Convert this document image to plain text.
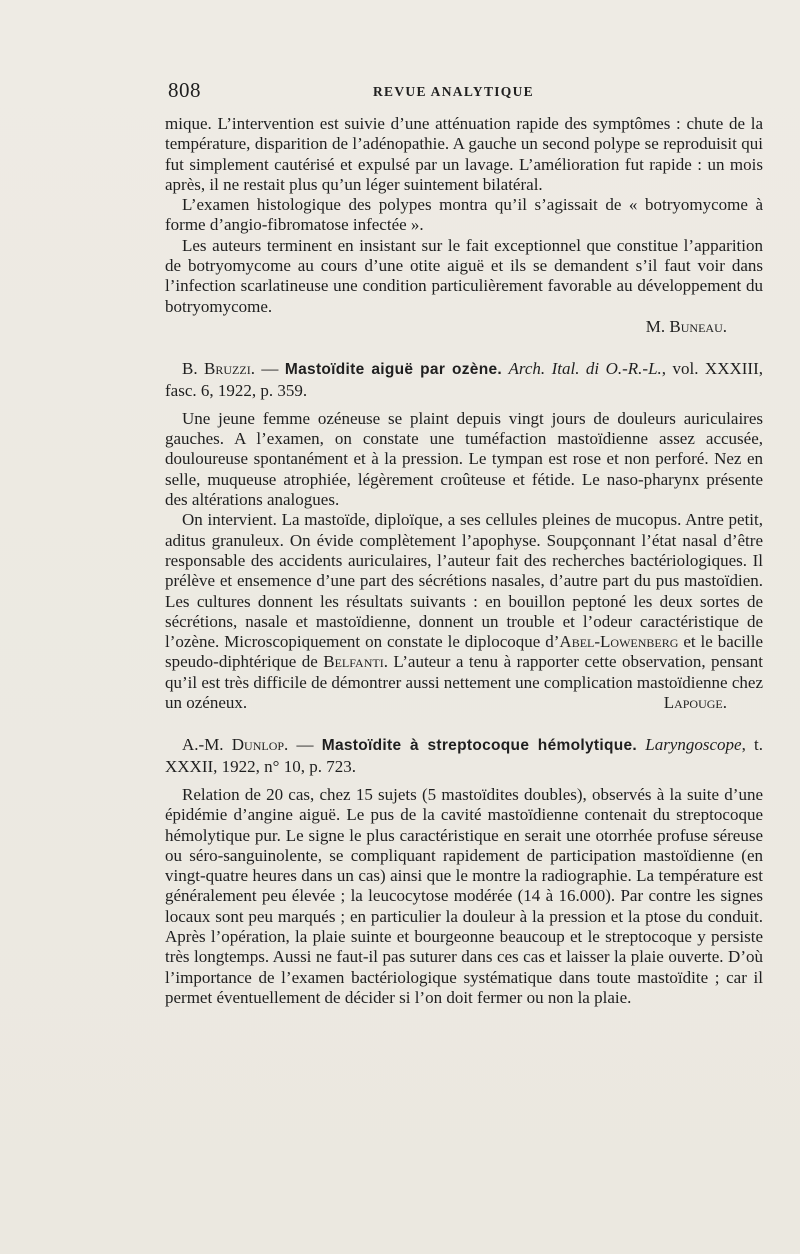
808	REVUE ANALYTIQUE

mique. L’intervention est suivie d’une atténuation rapide des symptômes : chute de la température, disparition de l’adénopathie. A gauche un second polype se reproduisit qui fut simplement cautérisé et expulsé par un lavage. L’amélioration fut rapide : un mois après, il ne restait plus qu’un léger suintement bilatéral.

L’examen histologique des polypes montra qu’il s’agissait de « botryomycome à forme d’angio-fibromatose infectée ».

Les auteurs terminent en insistant sur le fait exceptionnel que constitue l’apparition de botryomycome au cours d’une otite aiguë et ils se demandent s’il faut voir dans l’infection scarlatineuse une condition particulièrement favorable au développement du botryomycome.

M. Buneau.

B. Bruzzi. — Mastoïdite aiguë par ozène. Arch. Ital. di O.-R.-L., vol. XXXIII, fasc. 6, 1922, p. 359.

Une jeune femme ozéneuse se plaint depuis vingt jours de douleurs auriculaires gauches. A l’examen, on constate une tuméfaction mastoïdienne assez accusée, douloureuse spontanément et à la pression. Le tympan est rose et non perforé. Nez en selle, muqueuse atrophiée, légèrement croûteuse et fétide. Le naso-pharynx présente des altérations analogues.

On intervient. La mastoïde, diploïque, a ses cellules pleines de mucopus. Antre petit, aditus granuleux. On évide complètement l’apophyse. Soupçonnant l’état nasal d’être responsable des accidents auriculaires, l’auteur fait des recherches bactériologiques. Il prélève et ensemence d’une part des sécrétions nasales, d’autre part du pus mastoïdien. Les cultures donnent les résultats suivants : en bouillon peptoné les deux sortes de sécrétions, nasale et mastoïdienne, donnent un trouble et l’odeur caractéristique de l’ozène. Microscopiquement on constate le diplocoque d’Abel-Lowenberg et le bacille speudo-diphtérique de Belfanti. L’auteur a tenu à rapporter cette observation, pensant qu’il est très difficile de démontrer aussi nettement une complication mastoïdienne chez un ozéneux.	Lapouge.

A.-M. Dunlop. — Mastoïdite à streptocoque hémolytique. Laryngoscope, t. XXXII, 1922, n° 10, p. 723.

Relation de 20 cas, chez 15 sujets (5 mastoïdites doubles), observés à la suite d’une épidémie d’angine aiguë. Le pus de la cavité mastoïdienne contenait du streptocoque hémolytique pur. Le signe le plus caractéristique en serait une otorrhée profuse séreuse ou séro-sanguinolente, se compliquant rapidement de participation mastoïdienne (en vingt-quatre heures dans un cas) ainsi que le montre la radiographie. La température est généralement peu élevée ; la leucocytose modérée (14 à 16.000). Par contre les signes locaux sont peu marqués ; en particulier la douleur à la pression et la ptose du conduit. Après l’opération, la plaie suinte et bourgeonne beaucoup et le streptocoque y persiste très longtemps. Aussi ne faut-il pas suturer dans ces cas et laisser la plaie ouverte. D’où l’importance de l’examen bactériologique systématique dans toute mastoïdite ; car il permet éventuellement de décider si l’on doit fermer ou non la plaie.
